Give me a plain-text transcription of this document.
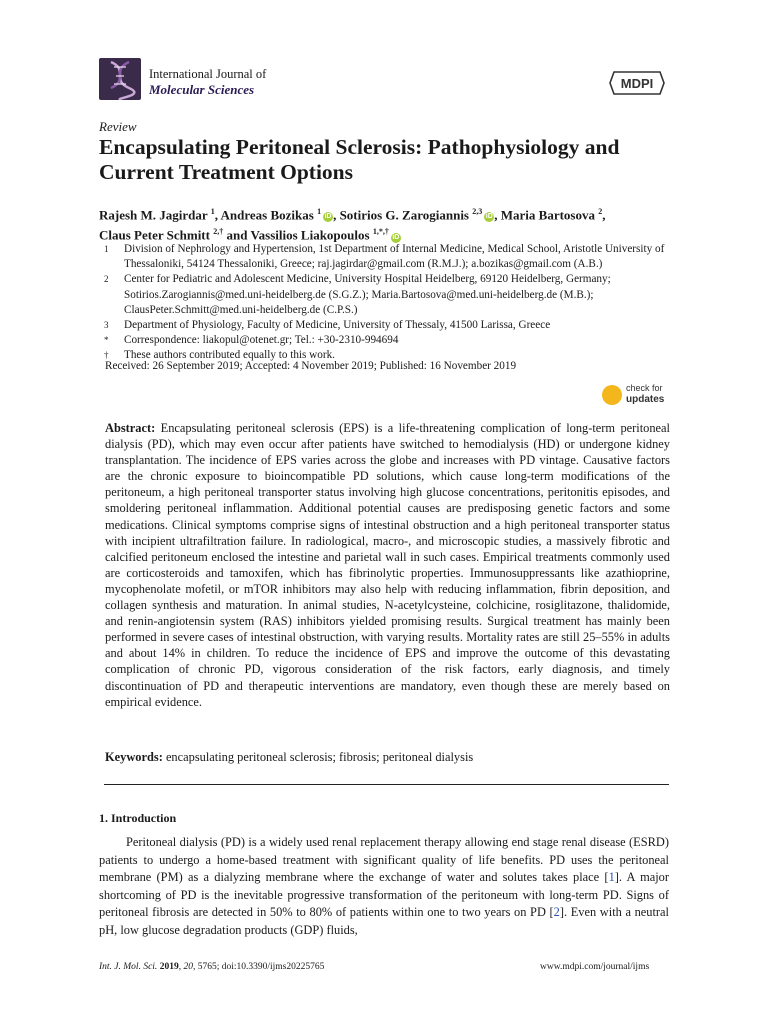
International Journal of
Molecular Sciences	MDPI
Review
Encapsulating Peritoneal Sclerosis: Pathophysiology and Current Treatment Options
Rajesh M. Jagirdar $^1$, Andreas Bozikas $^1$iD , Sotirios G. Zarogiannis $^{2,3}$iD , Maria Bartosova $^2$,
Claus Peter Schmitt $^{2,\dagger}$ and Vassilios Liakopoulos $^{1,*,\dagger}$iD
1	Division of Nephrology and Hypertension, 1st Department of Internal Medicine, Medical School, Aristotle University of Thessaloniki, 54124 Thessaloniki, Greece; raj.jagirdar@gmail.com (R.M.J.); a.bozikas@gmail.com (A.B.)
2	Center for Pediatric and Adolescent Medicine, University Hospital Heidelberg, 69120 Heidelberg, Germany; Sotirios.Zarogiannis@med.uni-heidelberg.de (S.G.Z.); Maria.Bartosova@med.uni-heidelberg.de (M.B.); ClausPeter.Schmitt@med.uni-heidelberg.de (C.P.S.)
3	Department of Physiology, Faculty of Medicine, University of Thessaly, 41500 Larissa, Greece
*	Correspondence: liakopul@otenet.gr; Tel.: +30-2310-994694
†	These authors contributed equally to this work.
Received: 26 September 2019; Accepted: 4 November 2019; Published: 16 November 2019
check for
updates
Abstract: Encapsulating peritoneal sclerosis (EPS) is a life-threatening complication of long-term peritoneal dialysis (PD), which may even occur after patients have switched to hemodialysis (HD) or undergone kidney transplantation. The incidence of EPS varies across the globe and increases with PD vintage. Causative factors are the chronic exposure to bioincompatible PD solutions, which cause long-term modifications of the peritoneum, a high peritoneal transporter status involving high glucose concentrations, peritonitis episodes, and smoldering peritoneal inflammation. Additional potential causes are predisposing genetic factors and some medications. Clinical symptoms comprise signs of intestinal obstruction and a high peritoneal transporter status with incipient ultrafiltration failure. In radiological, macro-, and microscopic studies, a massively fibrotic and calcified peritoneum enclosed the intestine and parietal wall in such cases. Empirical treatments commonly used are corticosteroids and tamoxifen, which has fibrinolytic properties. Immunosuppressants like azathioprine, mycophenolate mofetil, or mTOR inhibitors may also help with reducing inflammation, fibrin deposition, and collagen synthesis and maturation. In animal studies, N-acetylcysteine, colchicine, rosiglitazone, thalidomide, and renin-angiotensin system (RAS) inhibitors yielded promising results. Surgical treatment has mainly been performed in severe cases of intestinal obstruction, with varying results. Mortality rates are still 25–55% in adults and about 14% in children. To reduce the incidence of EPS and improve the outcome of this devastating complication of chronic PD, vigorous consideration of the risk factors, early diagnosis, and timely discontinuation of PD and therapeutic interventions are mandatory, even though these are merely based on empirical evidence.
Keywords: encapsulating peritoneal sclerosis; fibrosis; peritoneal dialysis
1. Introduction

Peritoneal dialysis (PD) is a widely used renal replacement therapy allowing end stage renal disease (ESRD) patients to undergo a home-based treatment with significant quality of life benefits. PD uses the peritoneal membrane (PM) as a dialyzing membrane where the exchange of water and solutes takes place [1]. A major shortcoming of PD is the inevitable progressive transformation of the peritoneum with long-term PD. Signs of peritoneal fibrosis are detected in 50% to 80% of patients within one to two years on PD [2]. Even with a neutral pH, low glucose degradation products (GDP) fluids,

Int. J. Mol. Sci. 2019, 20, 5765; doi:10.3390/ijms20225765	www.mdpi.com/journal/ijms
